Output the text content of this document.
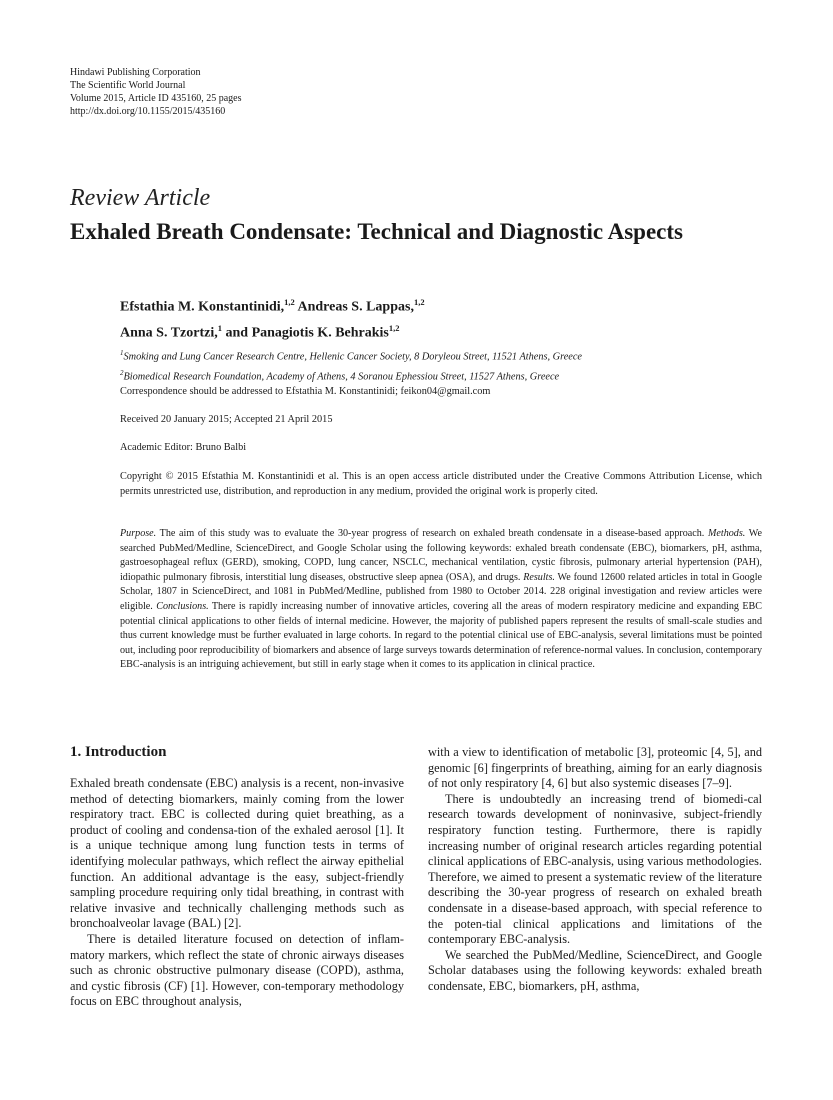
Hindawi Publishing Corporation
The Scientific World Journal
Volume 2015, Article ID 435160, 25 pages
http://dx.doi.org/10.1155/2015/435160
Review Article
Exhaled Breath Condensate: Technical and Diagnostic Aspects
Efstathia M. Konstantinidi,$^{1,2}$ Andreas S. Lappas,$^{1,2}$
Anna S. Tzortzi,$^1$ and Panagiotis K. Behrakis$^{1,2}$
$^1$Smoking and Lung Cancer Research Centre, Hellenic Cancer Society, 8 Doryleou Street, 11521 Athens, Greece
$^2$Biomedical Research Foundation, Academy of Athens, 4 Soranou Ephessiou Street, 11527 Athens, Greece
Correspondence should be addressed to Efstathia M. Konstantinidi; feikon04@gmail.com
Received 20 January 2015; Accepted 21 April 2015
Academic Editor: Bruno Balbi
Copyright © 2015 Efstathia M. Konstantinidi et al. This is an open access article distributed under the Creative Commons Attribution License, which permits unrestricted use, distribution, and reproduction in any medium, provided the original work is properly cited.
Purpose. The aim of this study was to evaluate the 30-year progress of research on exhaled breath condensate in a disease-based approach. Methods. We searched PubMed/Medline, ScienceDirect, and Google Scholar using the following keywords: exhaled breath condensate (EBC), biomarkers, pH, asthma, gastroesophageal reflux (GERD), smoking, COPD, lung cancer, NSCLC, mechanical ventilation, cystic fibrosis, pulmonary arterial hypertension (PAH), idiopathic pulmonary fibrosis, interstitial lung diseases, obstructive sleep apnea (OSA), and drugs. Results. We found 12600 related articles in total in Google Scholar, 1807 in ScienceDirect, and 1081 in PubMed/Medline, published from 1980 to October 2014. 228 original investigation and review articles were eligible. Conclusions. There is rapidly increasing number of innovative articles, covering all the areas of modern respiratory medicine and expanding EBC potential clinical applications to other fields of internal medicine. However, the majority of published papers represent the results of small-scale studies and thus current knowledge must be further evaluated in large cohorts. In regard to the potential clinical use of EBC-analysis, several limitations must be pointed out, including poor reproducibility of biomarkers and absence of large surveys towards determination of reference-normal values. In conclusion, contemporary EBC-analysis is an intriguing achievement, but still in early stage when it comes to its application in clinical practice.
1. Introduction

Exhaled breath condensate (EBC) analysis is a recent, non-invasive method of detecting biomarkers, mainly coming from the lower respiratory tract. EBC is collected during quiet breathing, as a product of cooling and condensa-tion of the exhaled aerosol [1]. It is a unique technique among lung function tests in terms of identifying molecular pathways, which reflect the airway epithelial function. An additional advantage is the easy, subject-friendly sampling procedure requiring only tidal breathing, in contrast with relative invasive and technically challenging methods such as bronchoalveolar lavage (BAL) [2].

There is detailed literature focused on detection of inflam-matory markers, which reflect the state of chronic airways diseases such as chronic obstructive pulmonary disease (COPD), asthma, and cystic fibrosis (CF) [1]. However, con-temporary methodology focus on EBC throughout analysis,

with a view to identification of metabolic [3], proteomic [4, 5], and genomic [6] fingerprints of breathing, aiming for an early diagnosis of not only respiratory [4, 6] but also systemic diseases [7–9].

There is undoubtedly an increasing trend of biomedi-cal research towards development of noninvasive, subject-friendly respiratory function testing. Furthermore, there is rapidly increasing number of original research articles regarding potential clinical applications of EBC-analysis, using various methodologies. Therefore, we aimed to present a systematic review of the literature describing the 30-year progress of research on exhaled breath condensate in a disease-based approach, with special reference to the poten-tial clinical applications and limitations of the contemporary EBC-analysis.

We searched the PubMed/Medline, ScienceDirect, and Google Scholar databases using the following keywords: exhaled breath condensate, EBC, biomarkers, pH, asthma,
